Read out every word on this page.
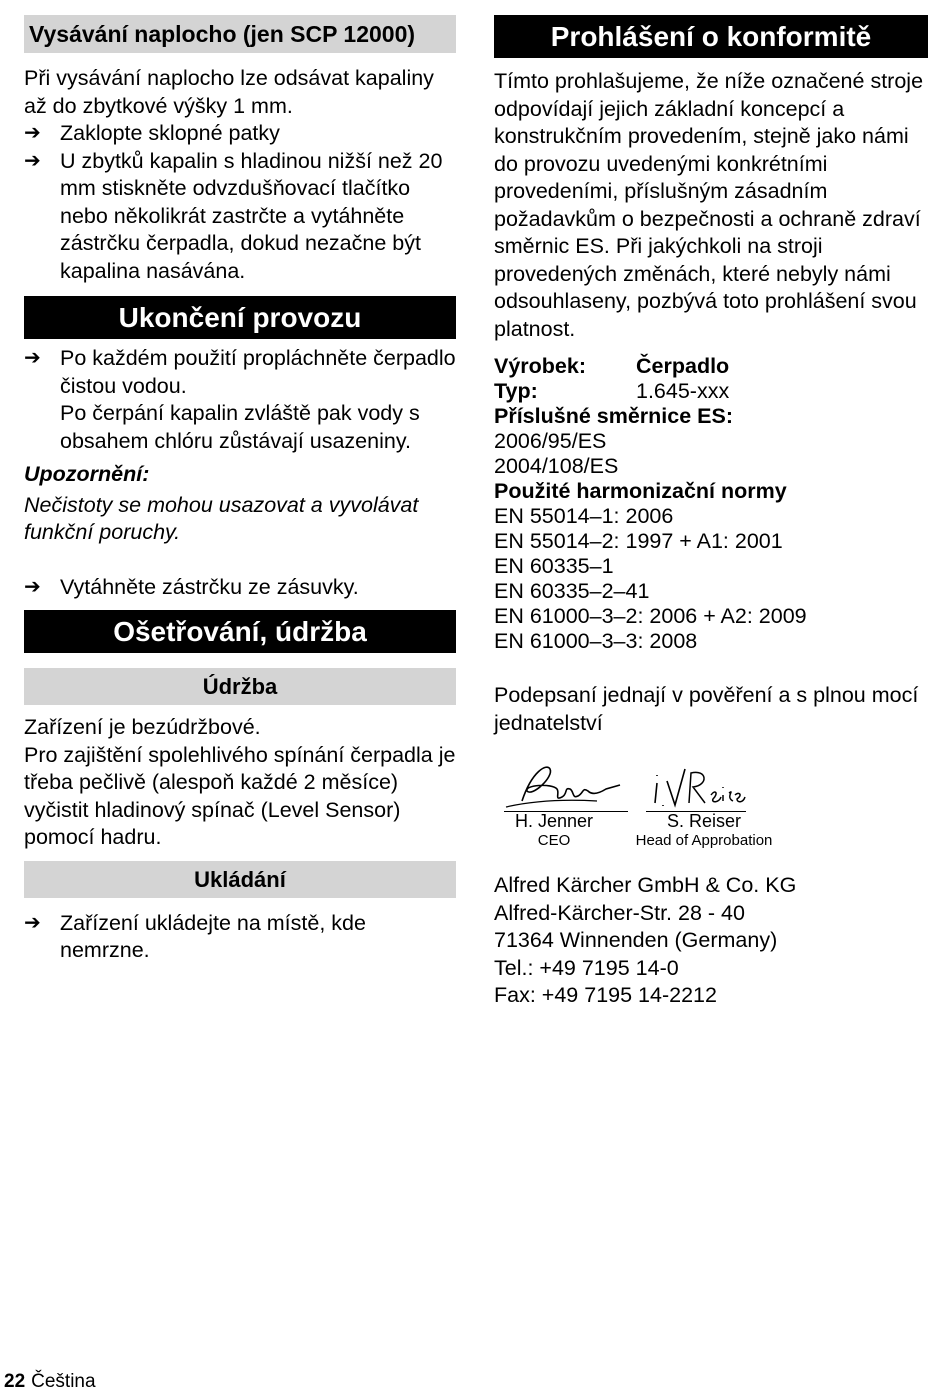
Vysávání naplocho (jen SCP 12000)

Při vysávání naplocho lze odsávat kapaliny až do zbytkové výšky 1 mm.

➔ Zaklopte sklopné patky
➔ U zbytků kapalin s hladinou nižší než 20 mm stiskněte odvzdušňovací tlačítko nebo několikrát zastrčte a vytáhněte zástrčku čerpadla, dokud nezačne být kapalina nasávána.
Ukončení provozu
➔ Po každém použití propláchněte čerpadlo čistou vodou.

Po čerpání kapalin zvláště pak vody s obsahem chlóru zůstávají usazeniny.

Upozornění:

Nečistoty se mohou usazovat a vyvolávat funkční poruchy.

➔ Vytáhněte zástrčku ze zásuvky.
Ošetřování, údržba
Údržba

Zařízení je bezúdržbové.

Pro zajištění spolehlivého spínání čerpadla je třeba pečlivě (alespoň každé 2 měsíce) vyčistit hladinový spínač (Level Sensor) pomocí hadru.

Ukládání
➔ Zařízení ukládejte na místě, kde nemrzne.
Prohlášení o konformitě

Tímto prohlašujeme, že níže označené stroje odpovídají jejich základní koncepcí a konstrukčním provedením, stejně jako námi do provozu uvedenými konkrétními provedeními, příslušným zásadním požadavkům o bezpečnosti a ochraně zdraví směrnic ES. Při jakýchkoli na stroji provedených změnách, které nebyly námi odsouhlaseny, pozbývá toto prohlášení svou platnost.

Výrobek:	Čerpadlo
Typ:	1.645-xxx

Příslušné směrnice ES:

2006/95/ES

2004/108/ES

Použité harmonizační normy

EN 55014–1: 2006

EN 55014–2: 1997 + A1: 2001

EN 60335–1

EN 60335–2–41

EN 61000–3–2: 2006 + A2: 2009

EN 61000–3–3: 2008

Podepsaní jednají v pověření a s plnou mocí jednatelství

H. Jenner
CEO
S. Reiser
Head of Approbation

Alfred Kärcher GmbH & Co. KG

Alfred-Kärcher-Str. 28 - 40

71364 Winnenden (Germany)

Tel.: +49 7195 14-0

Fax: +49 7195 14-2212

22 Čeština
